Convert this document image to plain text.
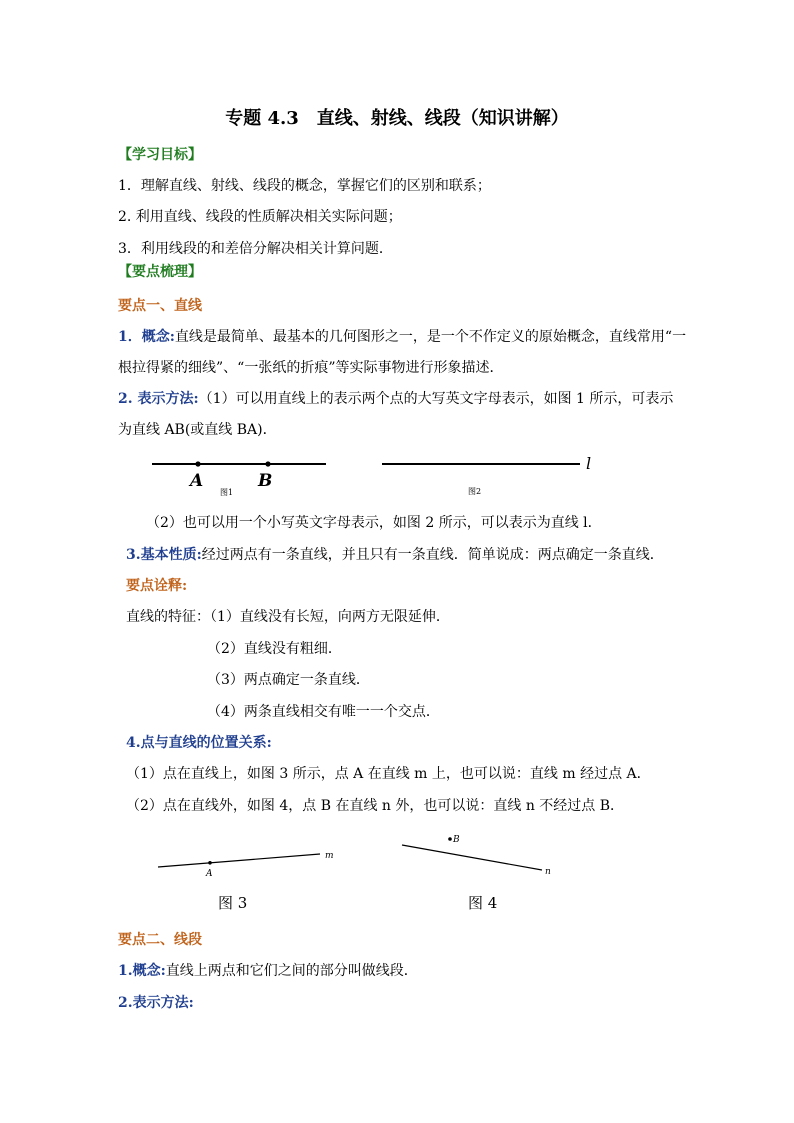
专题 4.3　直线、射线、线段（知识讲解）
【学习目标】
1．理解直线、射线、线段的概念，掌握它们的区别和联系；
2. 利用直线、线段的性质解决相关实际问题；
3．利用线段的和差倍分解决相关计算问题．
【要点梳理】
要点一、直线
1．概念:直线是最简单、最基本的几何图形之一，是一个不作定义的原始概念，直线常用“一
根拉得紧的细线”、“一张纸的折痕”等实际事物进行形象描述．
2. 表示方法:（1）可以用直线上的表示两个点的大写英文字母表示，如图 1 所示，可表示
为直线 AB(或直线 BA)．
A	B
图1
l
图2
（2）也可以用一个小写英文字母表示，如图 2 所示，可以表示为直线 l．
3.基本性质:经过两点有一条直线，并且只有一条直线．简单说成：两点确定一条直线．
要点诠释:
直线的特征：（1）直线没有长短，向两方无限延伸．
（2）直线没有粗细．
（3）两点确定一条直线．
（4）两条直线相交有唯一一个交点．
4.点与直线的位置关系:
（1）点在直线上，如图 3 所示，点 A 在直线 m 上，也可以说：直线 m 经过点 A．
（2）点在直线外，如图 4，点 B 在直线 n 外，也可以说：直线 n 不经过点 B．
A
m
图 3
B
n
图 4
要点二、线段
1.概念:直线上两点和它们之间的部分叫做线段．
2.表示方法:
